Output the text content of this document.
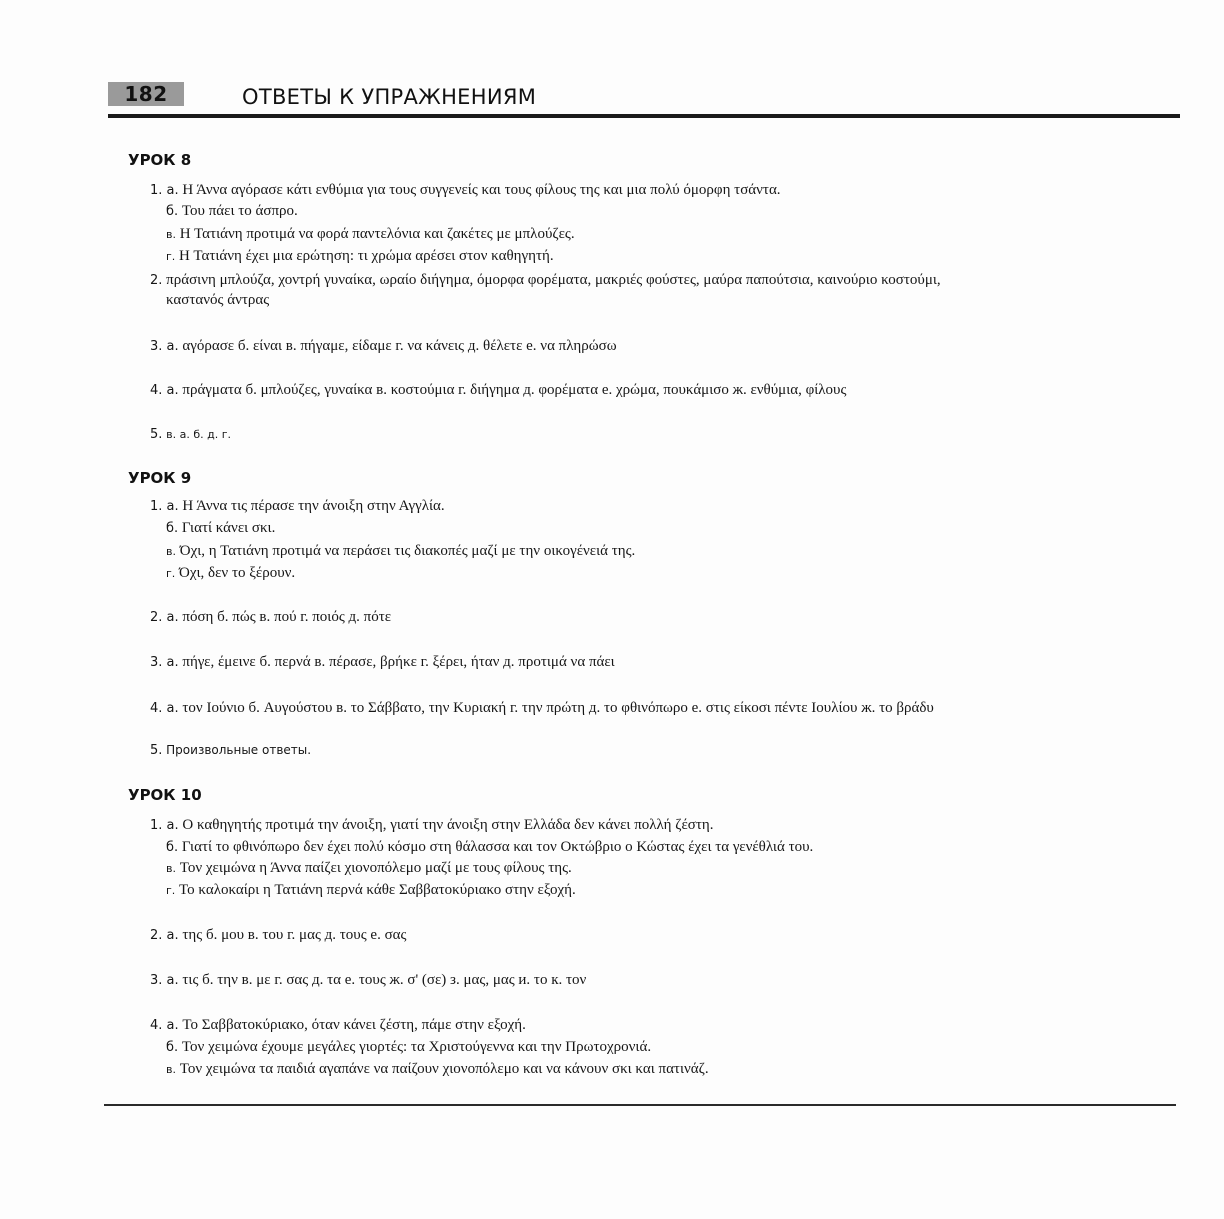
182	ОТВЕТЫ К УПРАЖНЕНИЯМ
УРОК 8
1. а. Η Άννα αγόρασε κάτι ενθύμια για τους συγγενείς και τους φίλους της και μια πολύ όμορφη τσάντα.
б. Του πάει το άσπρο.
в. Η Τατιάνη προτιμά να φορά παντελόνια και ζακέτες με μπλούζες.
г. Η Τατιάνη έχει μια ερώτηση: τι χρώμα αρέσει στον καθηγητή.
2. πράσινη μπλούζα, χοντρή γυναίκα, ωραίο διήγημα, όμορφα φορέματα, μακριές φούστες, μαύρα παπούτσια, καινούριο κοστούμι,
καστανός άντρας
3. а. αγόρασε б. είναι в. πήγαμε, είδαμε г. να κάνεις д. θέλετε е. να πληρώσω
4. а. πράγματα б. μπλούζες, γυναίκα в. κοστούμια г. διήγημα д. φορέματα е. χρώμα, πουκάμισο ж. ενθύμια, φίλους
5. в. а. б. д. г.
УРОК 9
1. а. Η Άννα τις πέρασε την άνοιξη στην Αγγλία.
б. Γιατί κάνει σκι.
в. Όχι, η Τατιάνη προτιμά να περάσει τις διακοπές μαζί με την οικογένειά της.
г. Όχι, δεν το ξέρουν.
2. а. πόση б. πώς в. πού г. ποιός д. πότε
3. а. πήγε, έμεινε б. περνά в. πέρασε, βρήκε г. ξέρει, ήταν д. προτιμά να πάει
4. а. τον Ιούνιο б. Αυγούστου в. το Σάββατο, την Κυριακή г. την πρώτη д. το φθινόπωρο е. στις είκοσι πέντε Ιουλίου ж. το βράδυ
5. Произвольные ответы.
УРОК 10
1. а. Ο καθηγητής προτιμά την άνοιξη, γιατί την άνοιξη στην Ελλάδα δεν κάνει πολλή ζέστη.
б. Γιατί το φθινόπωρο δεν έχει πολύ κόσμο στη θάλασσα και τον Οκτώβριο ο Κώστας έχει τα γενέθλιά του.
в. Τον χειμώνα η Άννα παίζει χιονοπόλεμο μαζί με τους φίλους της.
г. Το καλοκαίρι η Τατιάνη περνά κάθε Σαββατοκύριακο στην εξοχή.
2. а. της б. μου в. του г. μας д. τους е. σας
3. а. τις б. την в. με г. σας д. τα е. τους ж. σ' (σε) з. μας, μας и. το к. τον
4. а. Το Σαββατοκύριακο, όταν κάνει ζέστη, πάμε στην εξοχή.
б. Τον χειμώνα έχουμε μεγάλες γιορτές: τα Χριστούγεννα και την Πρωτοχρονιά.
в. Τον χειμώνα τα παιδιά αγαπάνε να παίζουν χιονοπόλεμο και να κάνουν σκι και πατινάζ.
